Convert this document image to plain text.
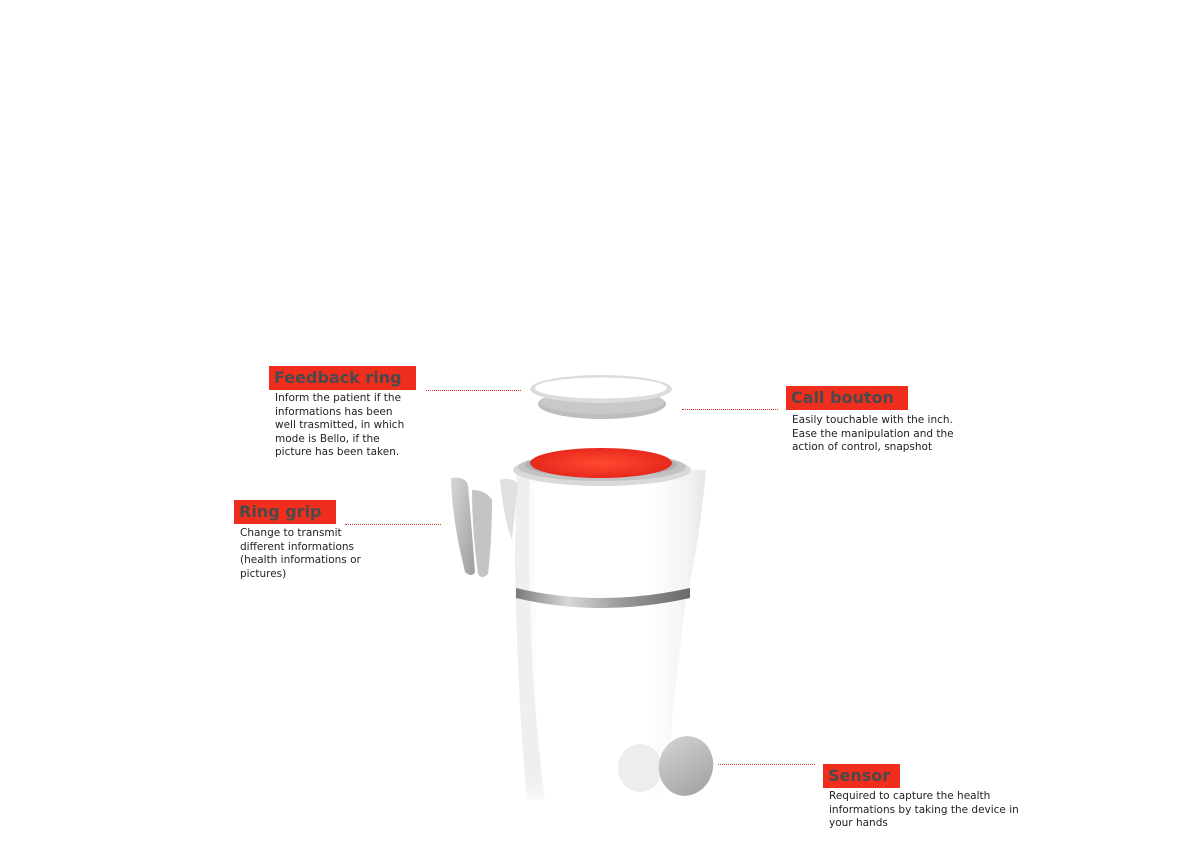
Feedback ring
Inform the patient if the
informations has been
well trasmitted, in which
mode is Bello, if the
picture has been taken.
Call bouton
Easily touchable with the inch.
Ease the manipulation and the
action of control, snapshot
Ring grip
Change to transmit
different informations
(health informations or
pictures)
Sensor
Required to capture the health
informations by taking the device in
your hands
